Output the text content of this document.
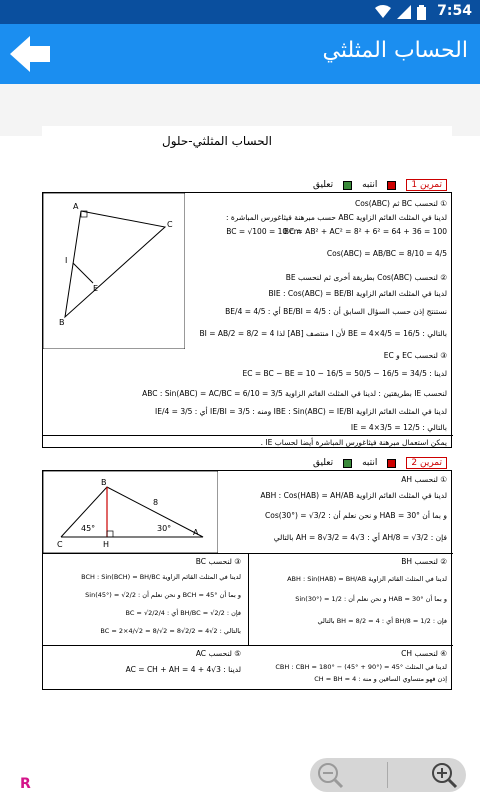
7:54
الحساب المثلثي
الحساب المثلثي-حلول
تمرين 1
انتبه
تعليق
A
C
B
I
E
① لنحسب BC ثم Cos(ABC)
لدينا في المثلث القائم الزاوية ABC حسب مبرهنة فيثاغورس المباشرة :
BC = AB² + AC² = 8² + 6² = 64 + 36 = 100
BC = √100 = 10 cm
Cos(ABC) = AB/BC = 8/10 = 4/5
② لنحسب Cos(ABC) بطريقة أخرى ثم لنحسب BE
لدينا في المثلث القائم الزاوية BIE : Cos(ABC) = BE/BI
نستنتج إذن حسب السؤال السابق أن : BE/BI = 4/5 أي : BE/4 = 4/5
بالتالي : BE = 4×4/5 = 16/5 لأن I منتصف [AB] لذا BI = AB/2 = 8/2 = 4
③ لنحسب EC و EC
لدينا : EC = BC − BE = 10 − 16/5 = 50/5 − 16/5 = 34/5
لنحسب IE بطريقتين : لدينا في المثلث القائم الزاوية ABC : Sin(ABC) = AC/BC = 6/10 = 3/5
لدينا في المثلث القائم الزاوية IBE : Sin(ABC) = IE/BI ومنه : IE/BI = 3/5 أي : IE/4 = 3/5
بالتالي : IE = 4×3/5 = 12/5
يمكن استعمال مبرهنة فيثاغورس المباشرة أيضا لحساب IE .
تمرين 2
انتبه
تعليق
B
C	H
A
45°	30°
8
① لنحسب AH
لدينا في المثلث القائم الزاوية ABH : Cos(HAB) = AH/AB
و بما أن HAB = 30° و نحن نعلم أن : Cos(30°) = √3/2
فإن : AH/8 = √3/2 أي : AH = 8√3/2 = 4√3 بالتالي
② لنحسب BH
لدينا في المثلث القائم الزاوية ABH : Sin(HAB) = BH/AB
و بما أن HAB = 30° و نحن نعلم أن : Sin(30°) = 1/2
فإن : BH/8 = 1/2 أي : BH = 8/2 = 4 بالتالي
③ لنحسب BC
لدينا في المثلث القائم الزاوية BCH : Sin(BCH) = BH/BC
و بما أن BCH = 45° و نحن نعلم أن : Sin(45°) = √2/2
فإن : BH/BC = √2/2 أي : 4/BC = √2/2
بالتالي : BC = 2×4/√2 = 8/√2 = 8√2/2 = 4√2
④ لنحسب CH
لدينا في المثلث CBH : CBH = 180° − (45° + 90°) = 45°
إذن فهو متساوي الساقين و منه : CH = BH = 4
⑤ لنحسب AC
لدينا : AC = CH + AH = 4 + 4√3
R
